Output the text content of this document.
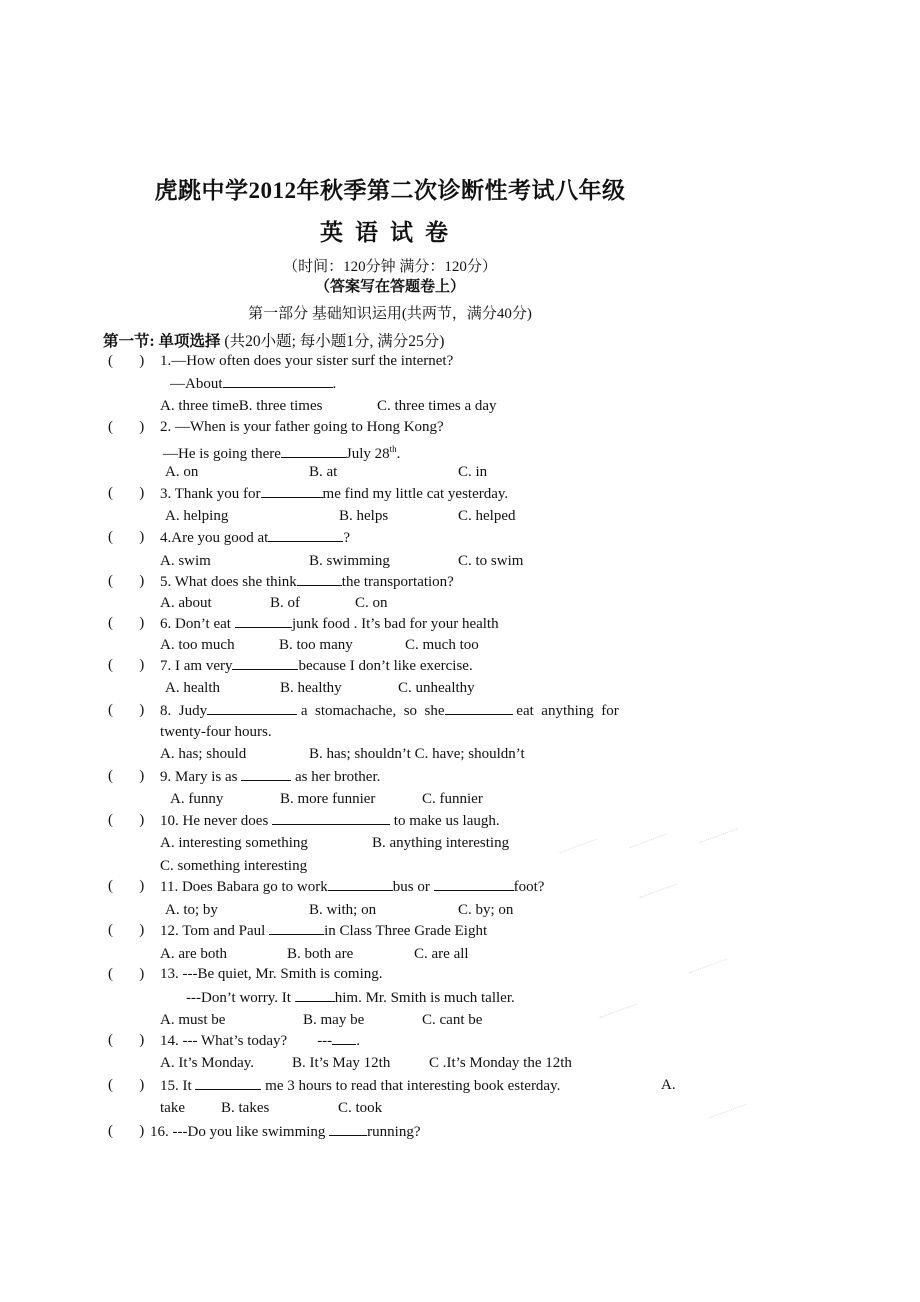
虎跳中学2012年秋季第二次诊断性考试八年级
英语试卷
（时间：120分钟 满分：120分）
（答案写在答题卷上）
第一部分 基础知识运用(共两节，满分40分)
第一节: 单项选择 (共20小题; 每小题1分, 满分25分)
(       ) 1.—How often does your sister surf the internet?
—About	.
A. three timeB. three times	C. three times a day
(       ) 2. —When is your father going to Hong Kong?
—He is going there	July 28th.
A. on	B. at	C. in
(       ) 3. Thank you for	me find my little cat yesterday.
A. helping	B. helps	C. helped
(       ) 4.Are you good at	?
A. swim	B. swimming	C. to swim
(       ) 5. What does she think	the transportation?
A. about	B. of	C. on
(       ) 6. Don’t eat	junk food . It’s bad for your health
A. too much	B. too many	C. much too
(       ) 7. I am very	because I don’t like exercise.
A. health	B. healthy	C. unhealthy
(       ) 8.  Judy	a  stomachache,  so  she	eat  anything  for
twenty-four hours.
A. has; should	B. has; shouldn’t C. have; shouldn’t
(       ) 9. Mary is as	as her brother.
A. funny	B. more funnier	C. funnier
(       ) 10. He never does	to make us laugh.
A. interesting something	B. anything interesting
C. something interesting
(       ) 11. Does Babara go to work	bus or	foot?
A. to; by	B. with; on	C. by; on
(       ) 12. Tom and Paul	in Class Three Grade Eight
A. are both	B. both are	C. are all
(       ) 13. ---Be quiet, Mr. Smith is coming.
---Don’t worry. It	him. Mr. Smith is much taller.
A. must be	B. may be	C. cant be
(       ) 14. --- What’s today? --- .
A. It’s Monday.	B. It’s May 12th	C .It’s Monday the 12th
(       ) 15. It	me 3 hours to read that interesting book esterday.	A.
take B. takes	C. took
(       ) 16. ---Do you like swimming	running?
